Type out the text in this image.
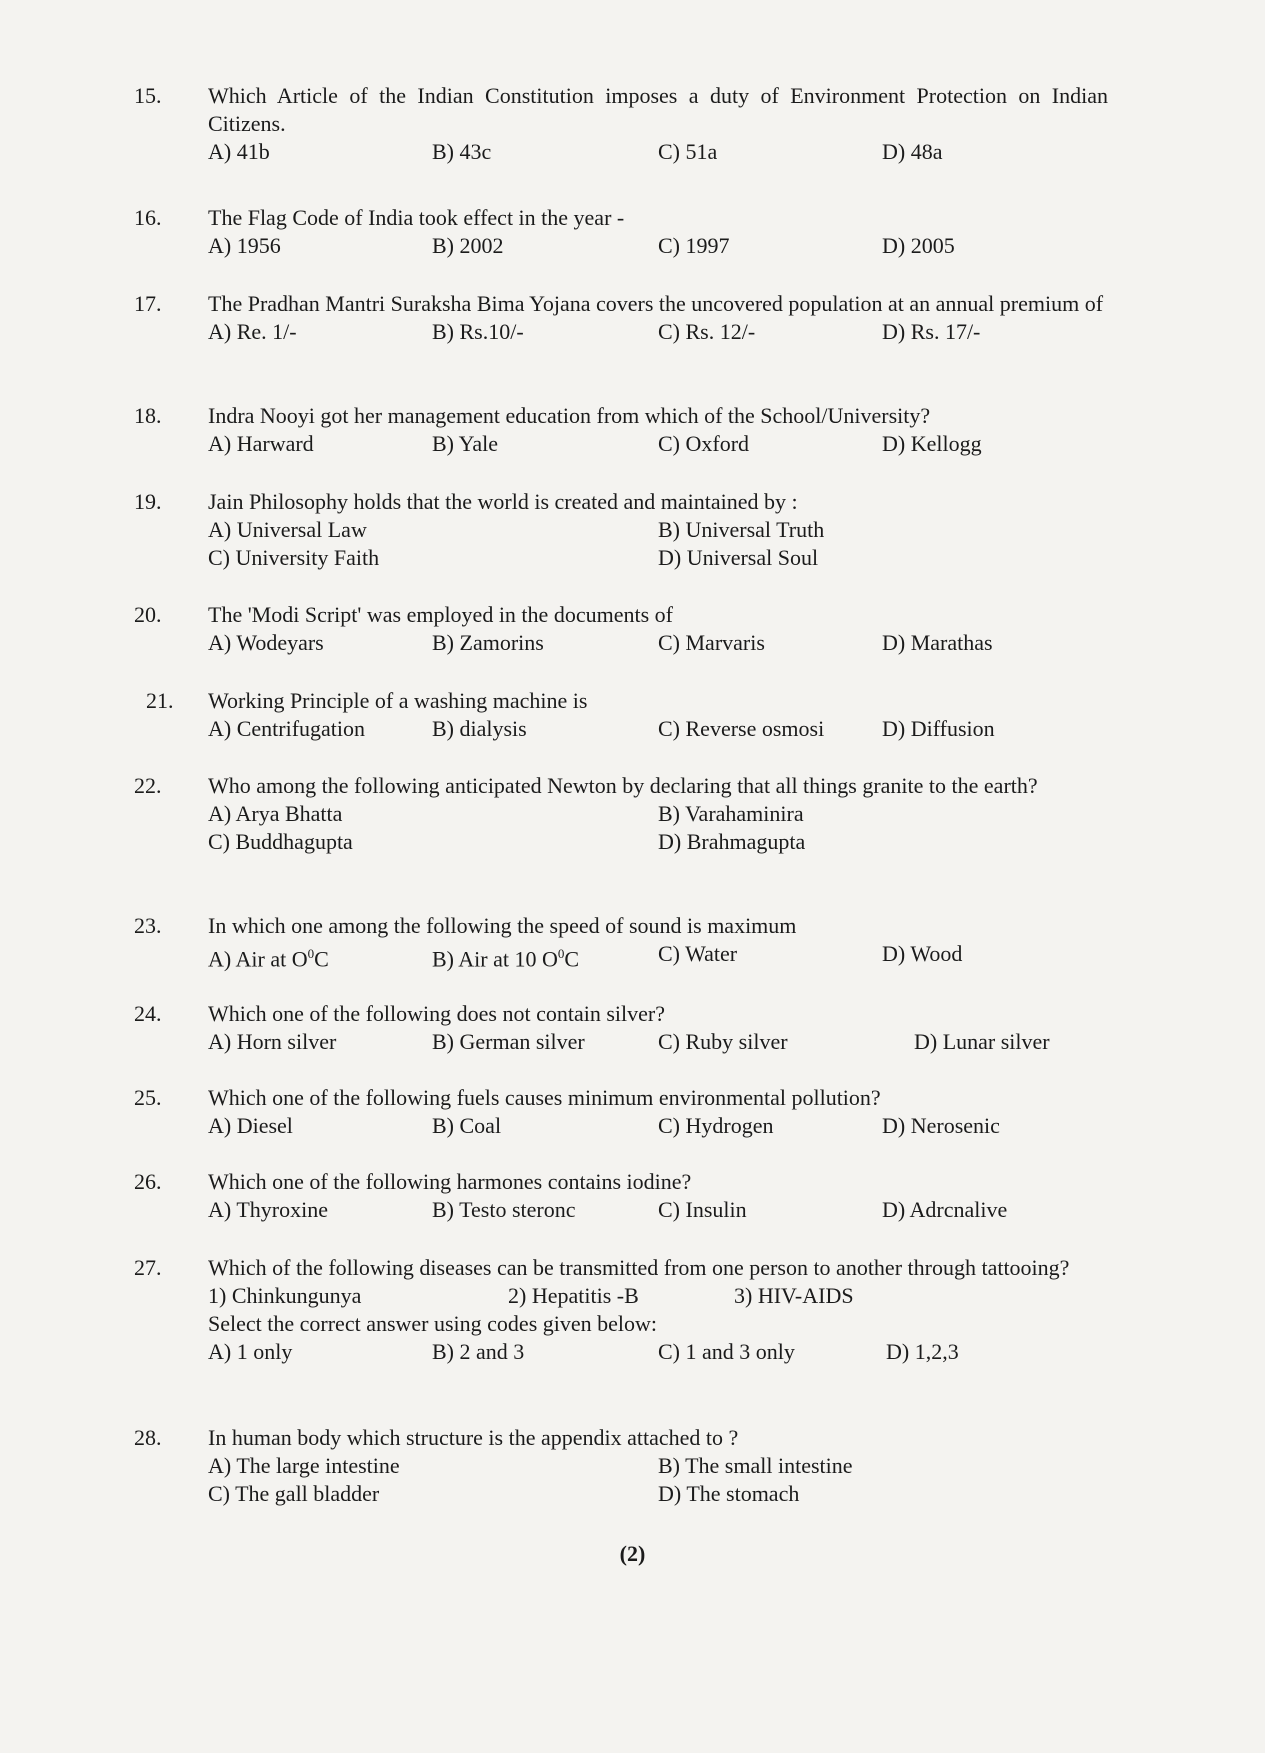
15. Which Article of the Indian Constitution imposes a duty of Environment Protection on Indian Citizens.
A) 41b	B) 43c	C) 51a	D) 48a
16. The Flag Code of India took effect in the year -
A) 1956	B) 2002	C) 1997	D) 2005
17. The Pradhan Mantri Suraksha Bima Yojana covers the uncovered population at an annual premium of
A) Re. 1/-	B) Rs.10/-	C) Rs. 12/-	D) Rs. 17/-
18. Indra Nooyi got her management education from which of the School/University?
A) Harward	B) Yale	C) Oxford	D) Kellogg
19. Jain Philosophy holds that the world is created and maintained by :
A) Universal Law	B) Universal Truth
C) University Faith	D) Universal Soul
20. The 'Modi Script' was employed in the documents of
A) Wodeyars	B) Zamorins	C) Marvaris	D) Marathas
21. Working Principle of a washing machine is
A) Centrifugation	B) dialysis	C) Reverse osmosi	D) Diffusion
22. Who among the following anticipated Newton by declaring that all things granite to the earth?
A) Arya Bhatta	B) Varahaminira
C) Buddhagupta	D) Brahmagupta
23. In which one among the following the speed of sound is maximum
A) Air at $O^0C$	B) Air at 10 $O^0C$	C) Water	D) Wood
24. Which one of the following does not contain silver?
A) Horn silver	B) German silver	C) Ruby silver	D) Lunar silver
25. Which one of the following fuels causes minimum environmental pollution?
A) Diesel	B) Coal	C) Hydrogen	D) Nerosenic
26. Which one of the following harmones contains iodine?
A) Thyroxine	B) Testo steronc	C) Insulin	D) Adrcnalive
27. Which of the following diseases can be transmitted from one person to another through tattooing?
1) Chinkungunya	2) Hepatitis -B	3) HIV-AIDS
Select the correct answer using codes given below:
A) 1 only	B) 2 and 3	C) 1 and 3 only	D) 1,2,3
28. In human body which structure is the appendix attached to ?
A) The large intestine	B) The small intestine
C) The gall bladder	D) The stomach
(2)
